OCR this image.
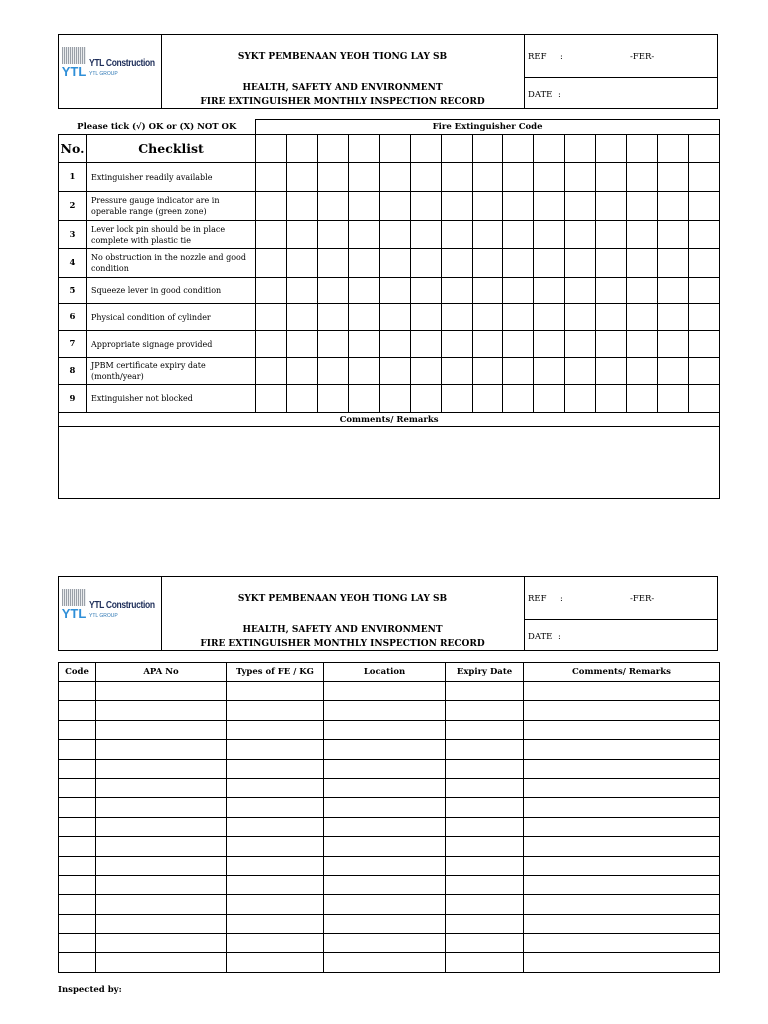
YTL
YTL Construction
YTL GROUP
SYKT PEMBENAAN YEOH TIONG LAY SB
HEALTH, SAFETY AND ENVIRONMENT
FIRE EXTINGUISHER MONTHLY INSPECTION RECORD
REF :	-FER-
DATE :
Please tick (√) OK or (X) NOT OK		Fire Extinguisher Code														
No.	Checklist															
1	Extinguisher readily available															
2	Pressure gauge indicator are in operable range (green zone)															
3	Lever lock pin should be in place complete with plastic tie															
4	No obstruction in the nozzle and good condition															
5	Squeeze lever in good condition															
6	Physical condition of cylinder															
7	Appropriate signage provided															
8	JPBM certificate expiry date (month/year)															
9	Extinguisher not blocked															
Comments/ Remarks																

YTL
YTL Construction
YTL GROUP
SYKT PEMBENAAN YEOH TIONG LAY SB
HEALTH, SAFETY AND ENVIRONMENT
FIRE EXTINGUISHER MONTHLY INSPECTION RECORD
REF :	-FER-
DATE :
Code	APA No	Types of FE / KG	Location	Expiry Date	Comments/ Remarks

Inspected by:
